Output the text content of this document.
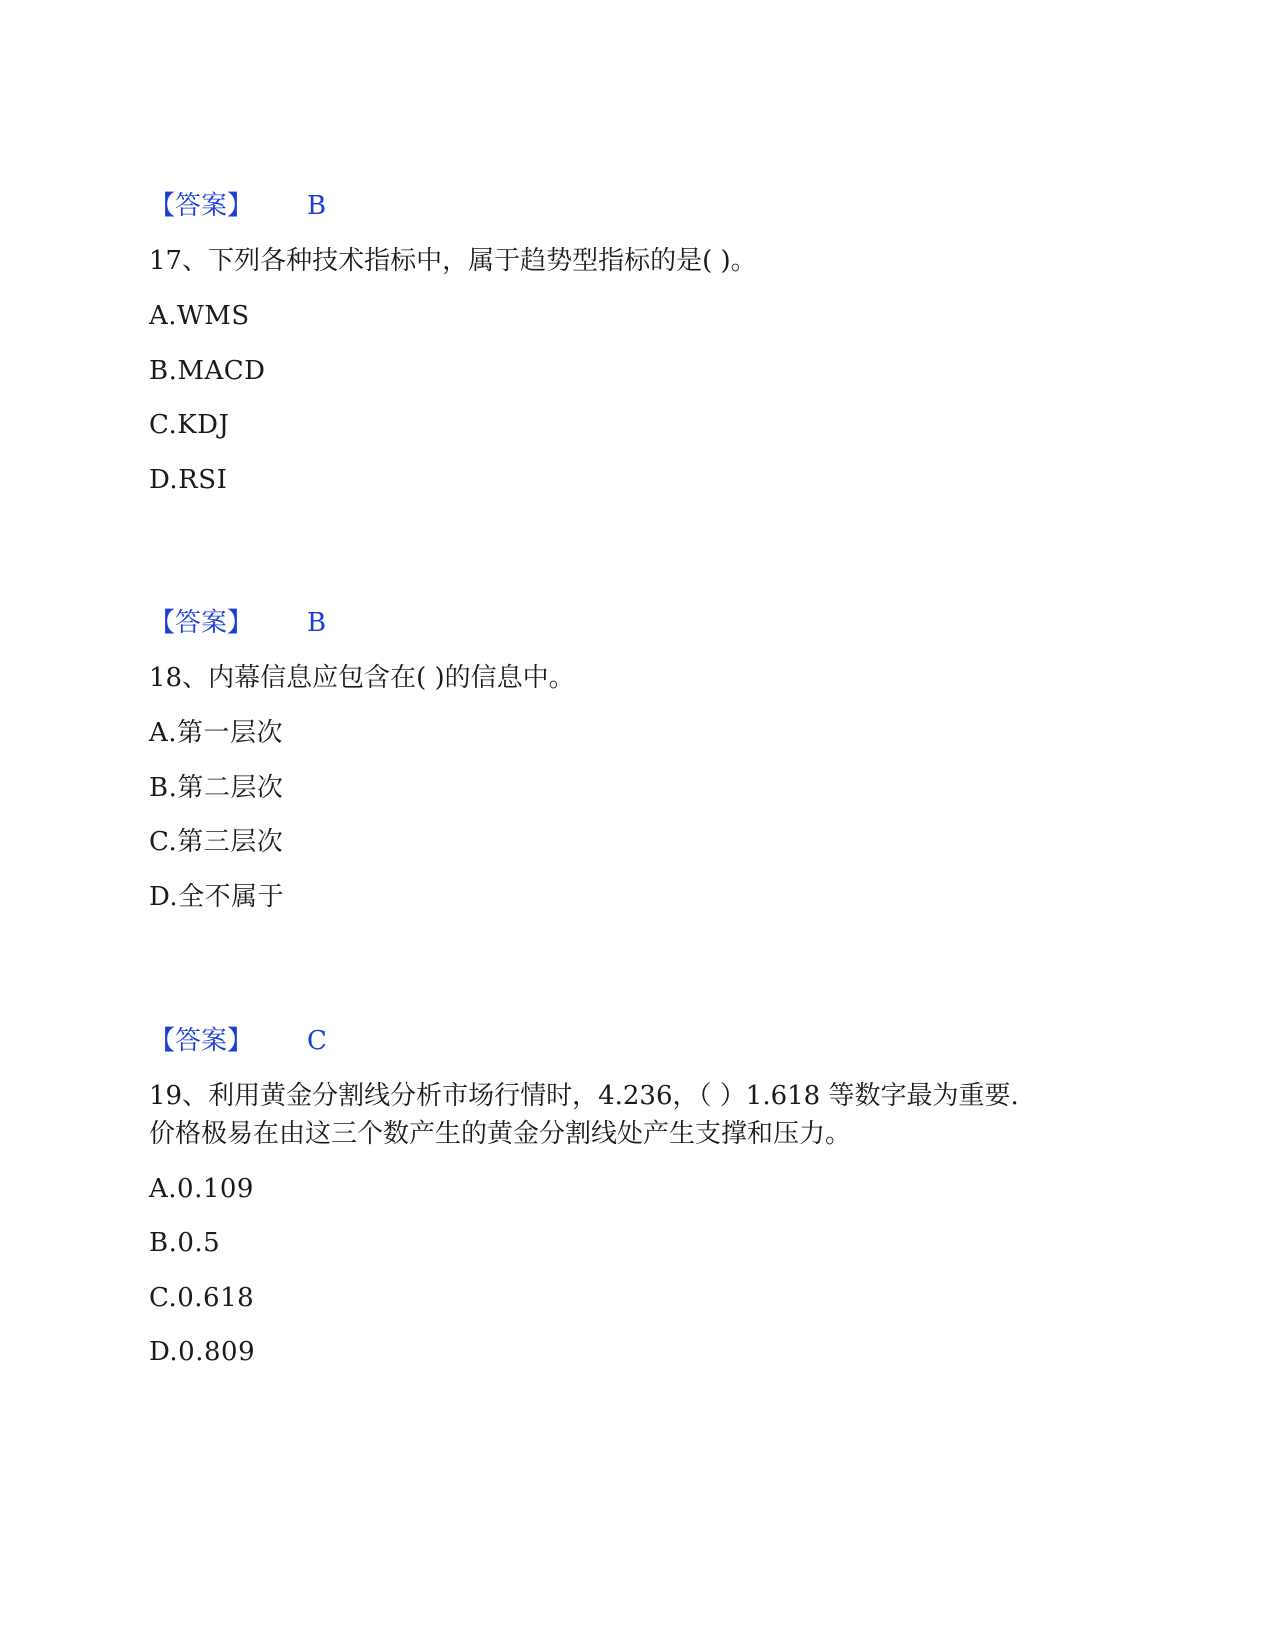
【答案】 B
17、下列各种技术指标中，属于趋势型指标的是( )。
A.WMS
B.MACD
C.KDJ
D.RSI
【答案】 B
18、内幕信息应包含在( )的信息中。
A.第一层次
B.第二层次
C.第三层次
D.全不属于
【答案】 C
19、利用黄金分割线分析市场行情时，4.236，（ ）1.618 等数字最为重要.
价格极易在由这三个数产生的黄金分割线处产生支撑和压力。
A.0.109
B.0.5
C.0.618
D.0.809
